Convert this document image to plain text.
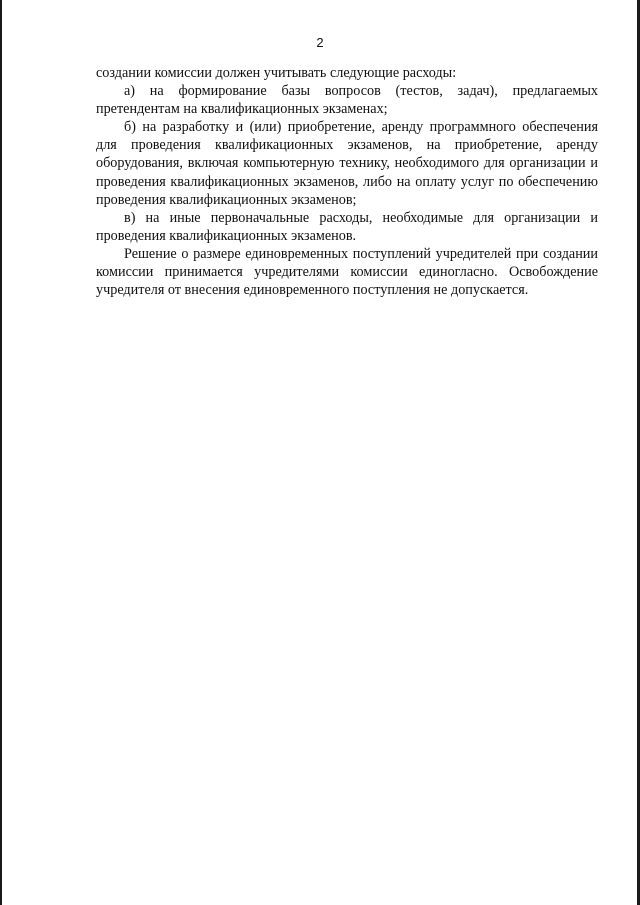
2

создании комиссии должен учитывать следующие расходы:

а) на формирование базы вопросов (тестов, задач), предлагаемых претендентам на квалификационных экзаменах;

б) на разработку и (или) приобретение, аренду программного обеспечения для проведения квалификационных экзаменов, на приобретение, аренду оборудования, включая компьютерную технику, необходимого для организации и проведения квалификационных экзаменов, либо на оплату услуг по обеспечению проведения квалификационных экзаменов;

в) на иные первоначальные расходы, необходимые для организации и проведения квалификационных экзаменов.

Решение о размере единовременных поступлений учредителей при создании комиссии принимается учредителями комиссии единогласно. Освобождение учредителя от внесения единовременного поступления не допускается.
